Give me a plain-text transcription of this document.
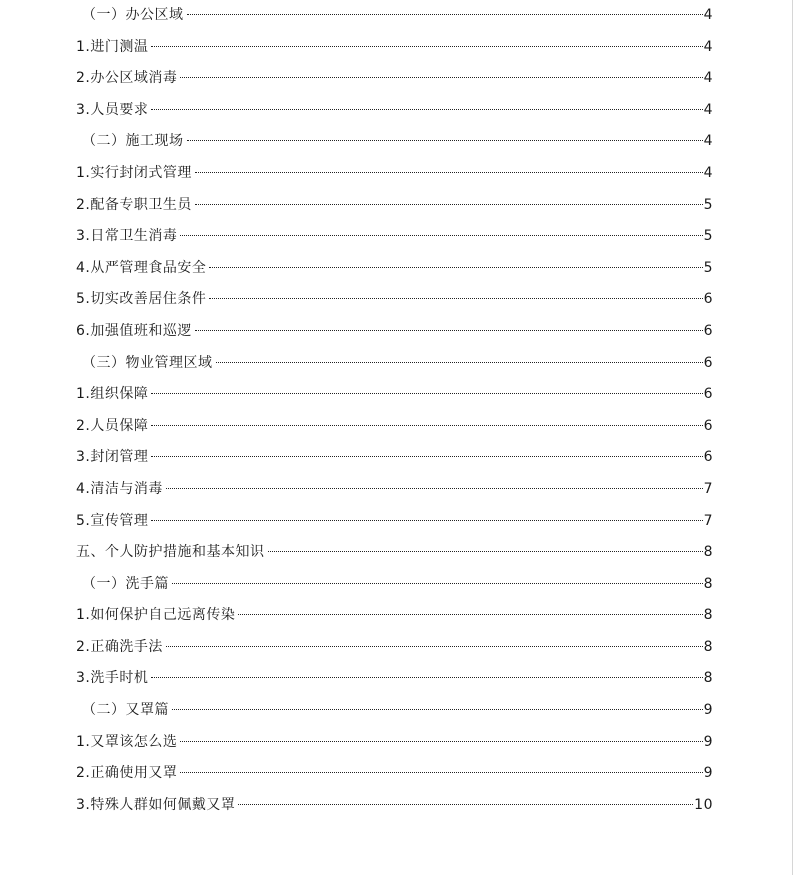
（一）办公区域	4
1.进门测温	4
2.办公区域消毒	4
3.人员要求	4
（二）施工现场	4
1.实行封闭式管理	4
2.配备专职卫生员	5
3.日常卫生消毒	5
4.从严管理食品安全	5
5.切实改善居住条件	6
6.加强值班和巡逻	6
（三）物业管理区域	6
1.组织保障	6
2.人员保障	6
3.封闭管理	6
4.清洁与消毒	7
5.宣传管理	7
五、个人防护措施和基本知识	8
（一）洗手篇	8
1.如何保护自己远离传染	8
2.正确洗手法	8
3.洗手时机	8
（二）又罩篇	9
1.又罩该怎么选	9
2.正确使用又罩	9
3.特殊人群如何佩戴又罩	10
